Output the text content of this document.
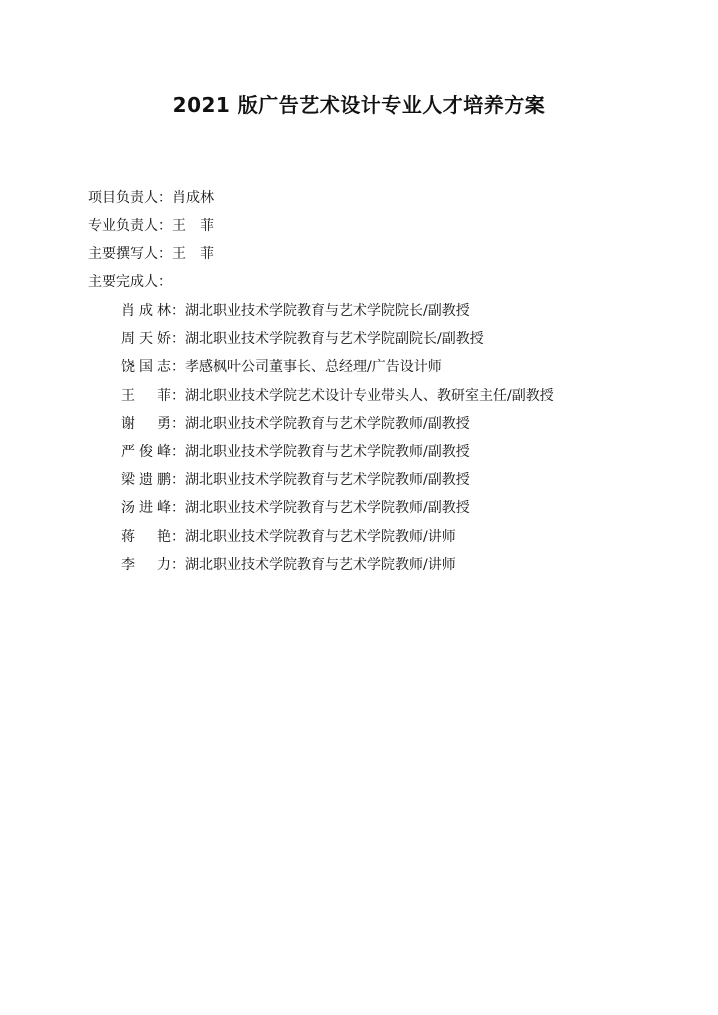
2021 版广告艺术设计专业人才培养方案
项目负责人：肖成林
专业负责人：王　菲
主要撰写人：王　菲
主要完成人：
肖成林：湖北职业技术学院教育与艺术学院院长/副教授
周天娇：湖北职业技术学院教育与艺术学院副院长/副教授
饶国志：孝感枫叶公司董事长、总经理/广告设计师
王菲：湖北职业技术学院艺术设计专业带头人、教研室主任/副教授
谢勇：湖北职业技术学院教育与艺术学院教师/副教授
严俊峰：湖北职业技术学院教育与艺术学院教师/副教授
梁遗鹏：湖北职业技术学院教育与艺术学院教师/副教授
汤进峰：湖北职业技术学院教育与艺术学院教师/副教授
蒋艳：湖北职业技术学院教育与艺术学院教师/讲师
李力：湖北职业技术学院教育与艺术学院教师/讲师
